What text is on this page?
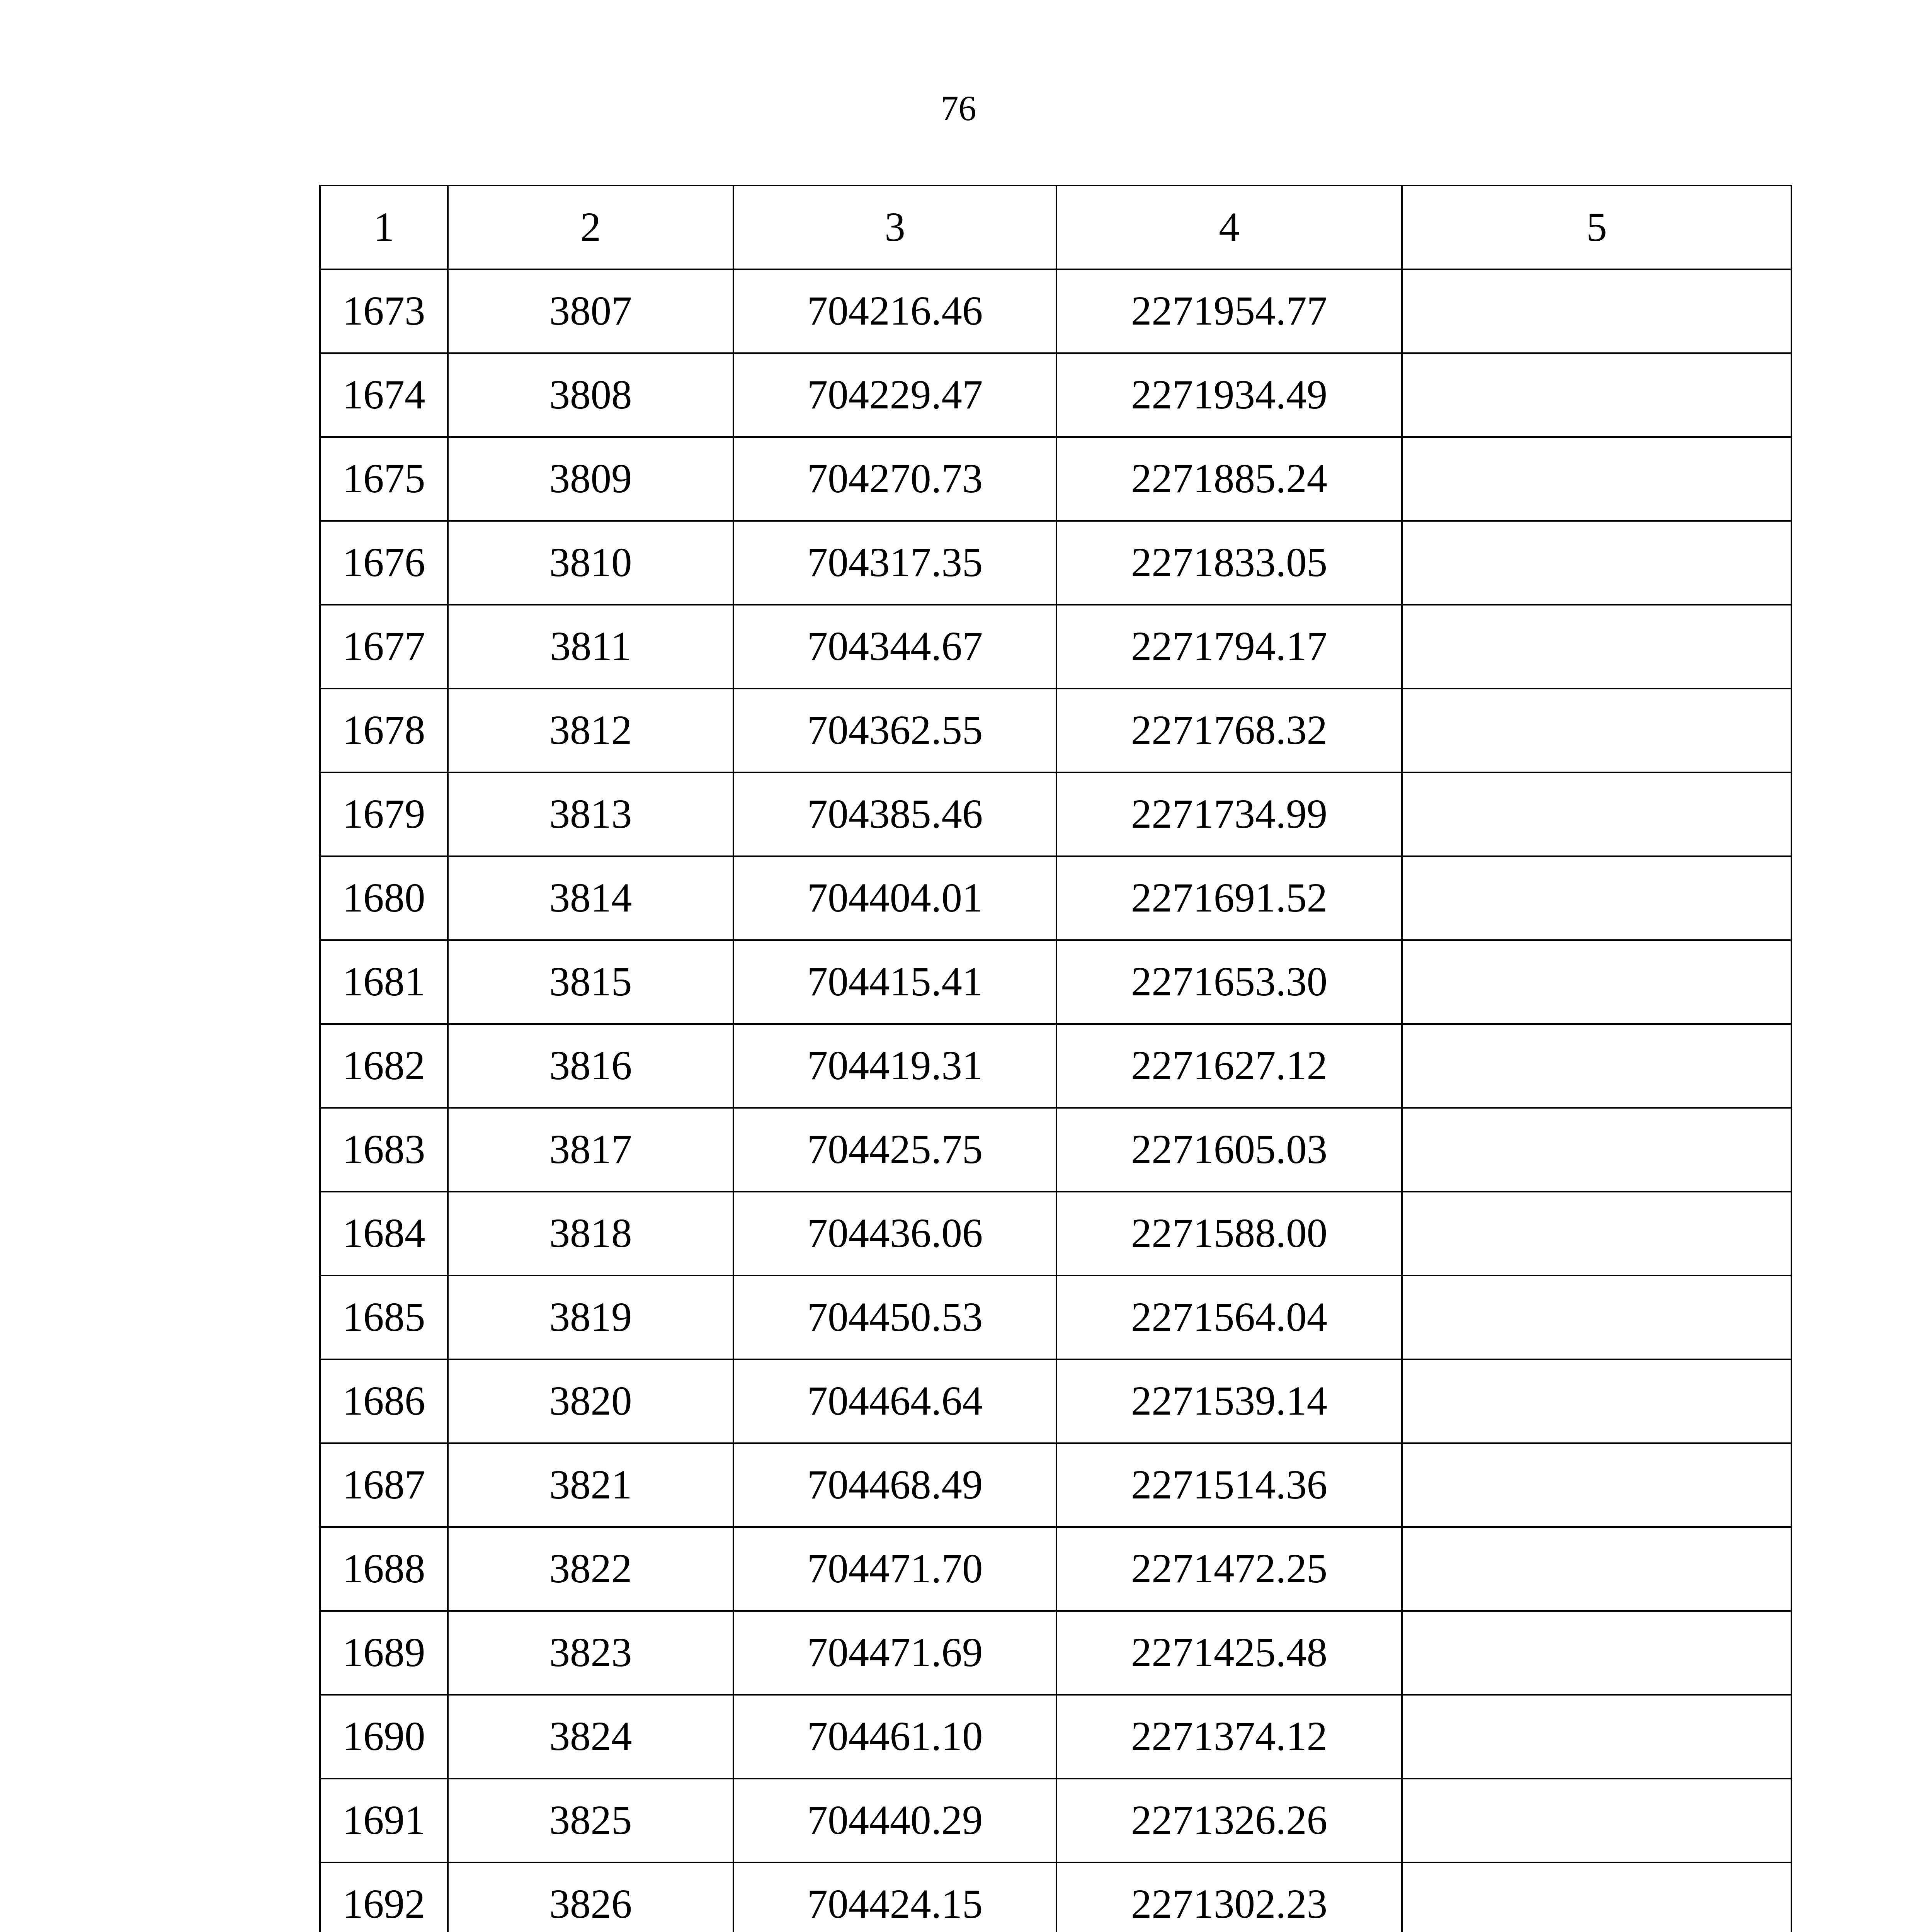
76
1	2	3	4	5
1673	3807	704216.46	2271954.77	
1674	3808	704229.47	2271934.49	
1675	3809	704270.73	2271885.24	
1676	3810	704317.35	2271833.05	
1677	3811	704344.67	2271794.17	
1678	3812	704362.55	2271768.32	
1679	3813	704385.46	2271734.99	
1680	3814	704404.01	2271691.52	
1681	3815	704415.41	2271653.30	
1682	3816	704419.31	2271627.12	
1683	3817	704425.75	2271605.03	
1684	3818	704436.06	2271588.00	
1685	3819	704450.53	2271564.04	
1686	3820	704464.64	2271539.14	
1687	3821	704468.49	2271514.36	
1688	3822	704471.70	2271472.25	
1689	3823	704471.69	2271425.48	
1690	3824	704461.10	2271374.12	
1691	3825	704440.29	2271326.26	
1692	3826	704424.15	2271302.23	
